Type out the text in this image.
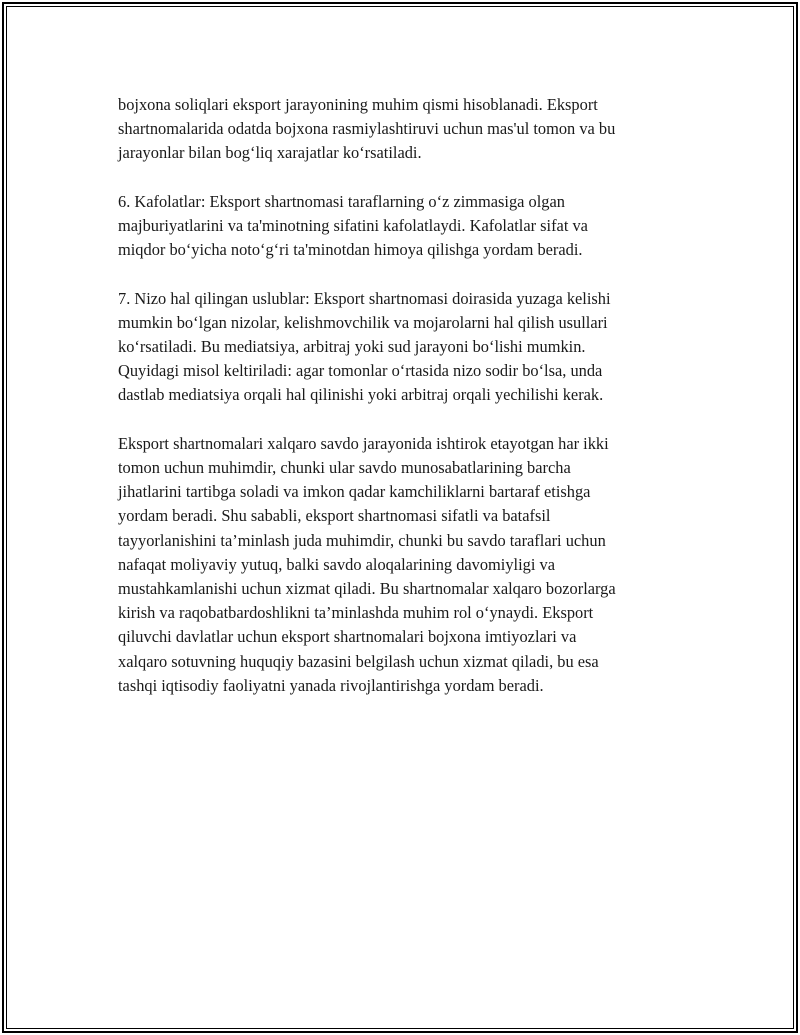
bojxona soliqlari eksport jarayonining muhim qismi hisoblanadi. Eksport
shartnomalarida odatda bojxona rasmiylashtiruvi uchun mas'ul tomon va bu
jarayonlar bilan bog‘liq xarajatlar ko‘rsatiladi.

6. Kafolatlar: Eksport shartnomasi taraflarning o‘z zimmasiga olgan
majburiyatlarini va ta'minotning sifatini kafolatlaydi. Kafolatlar sifat va
miqdor bo‘yicha noto‘g‘ri ta'minotdan himoya qilishga yordam beradi.

7. Nizo hal qilingan uslublar: Eksport shartnomasi doirasida yuzaga kelishi
mumkin bo‘lgan nizolar, kelishmovchilik va mojarolarni hal qilish usullari
ko‘rsatiladi. Bu mediatsiya, arbitraj yoki sud jarayoni bo‘lishi mumkin.
Quyidagi misol keltiriladi: agar tomonlar o‘rtasida nizo sodir bo‘lsa, unda
dastlab mediatsiya orqali hal qilinishi yoki arbitraj orqali yechilishi kerak.

Eksport shartnomalari xalqaro savdo jarayonida ishtirok etayotgan har ikki
tomon uchun muhimdir, chunki ular savdo munosabatlarining barcha
jihatlarini tartibga soladi va imkon qadar kamchiliklarni bartaraf etishga
yordam beradi. Shu sababli, eksport shartnomasi sifatli va batafsil
tayyorlanishini ta’minlash juda muhimdir, chunki bu savdo taraflari uchun
nafaqat moliyaviy yutuq, balki savdo aloqalarining davomiyligi va
mustahkamlanishi uchun xizmat qiladi. Bu shartnomalar xalqaro bozorlarga
kirish va raqobatbardoshlikni ta’minlashda muhim rol o‘ynaydi. Eksport
qiluvchi davlatlar uchun eksport shartnomalari bojxona imtiyozlari va
xalqaro sotuvning huquqiy bazasini belgilash uchun xizmat qiladi, bu esa
tashqi iqtisodiy faoliyatni yanada rivojlantirishga yordam beradi.
